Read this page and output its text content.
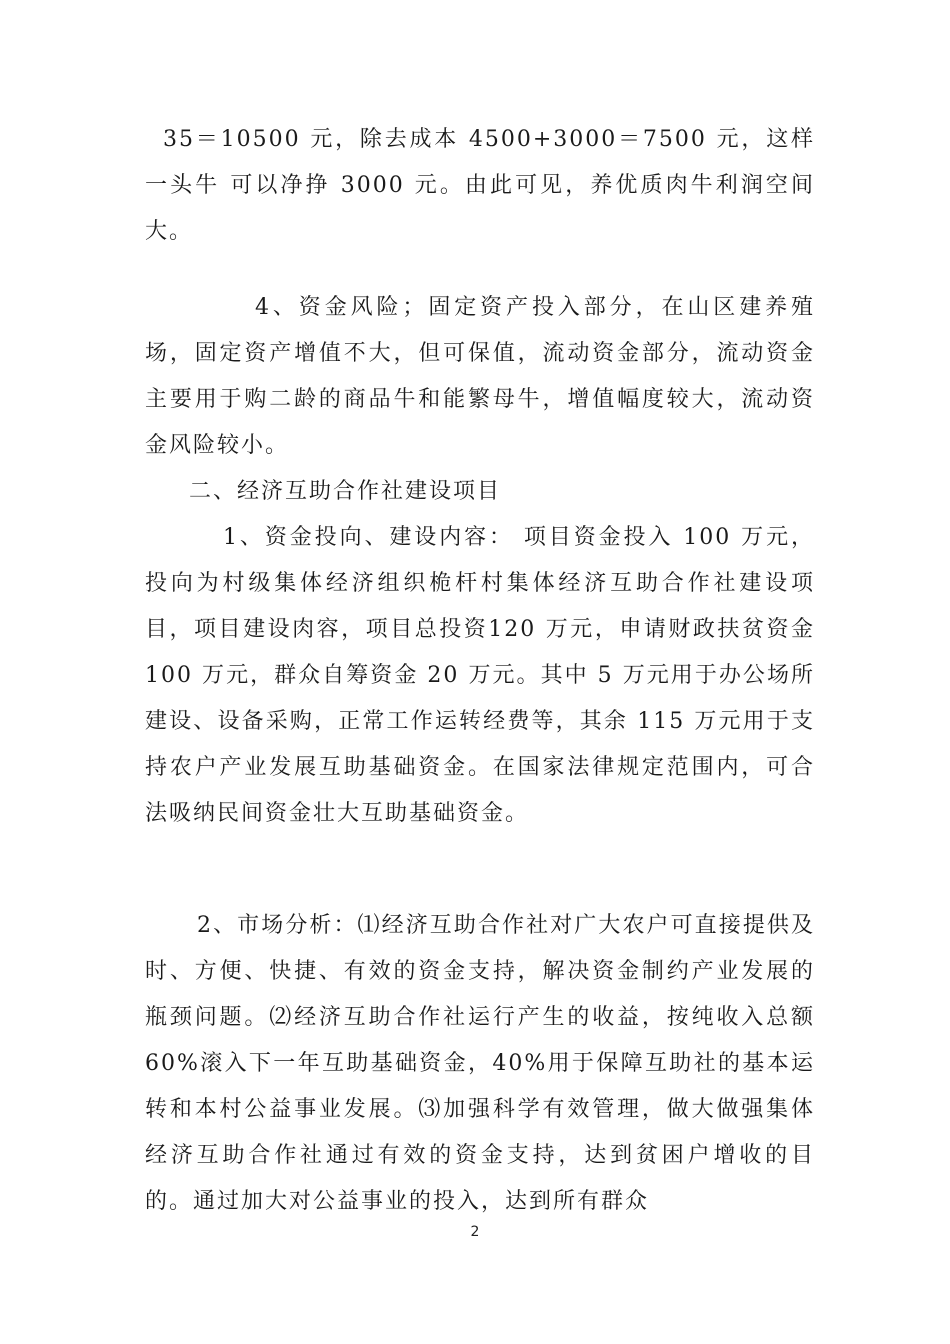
35＝10500 元，除去成本 4500+3000＝7500 元，这样一头牛 可以净挣 3000 元。由此可见，养优质肉牛利润空间大。

4、资金风险；固定资产投入部分，在山区建养殖场，固定资产增值不大，但可保值，流动资金部分，流动资金主要用于购二龄的商品牛和能繁母牛，增值幅度较大，流动资金风险较小。

二、经济互助合作社建设项目

1、资金投向、建设内容： 项目资金投入 100 万元，投向为村级集体经济组织桅杆村集体经济互助合作社建设项目，项目建设肉容，项目总投资120 万元，申请财政扶贫资金 100 万元，群众自筹资金 20 万元。其中 5 万元用于办公场所建设、设备采购，正常工作运转经费等，其余 115 万元用于支持农户产业发展互助基础资金。在国家法律规定范围内，可合法吸纳民间资金壮大互助基础资金。

2、市场分析：⑴经济互助合作社对广大农户可直接提供及时、方便、快捷、有效的资金支持，解决资金制约产业发展的瓶颈问题。⑵经济互助合作社运行产生的收益，按纯收入总额 60%滚入下一年互助基础资金，40%用于保障互助社的基本运转和本村公益事业发展。⑶加强科学有效管理，做大做强集体经济互助合作社通过有效的资金支持，达到贫困户增收的目的。通过加大对公益事业的投入，达到所有群众

2
